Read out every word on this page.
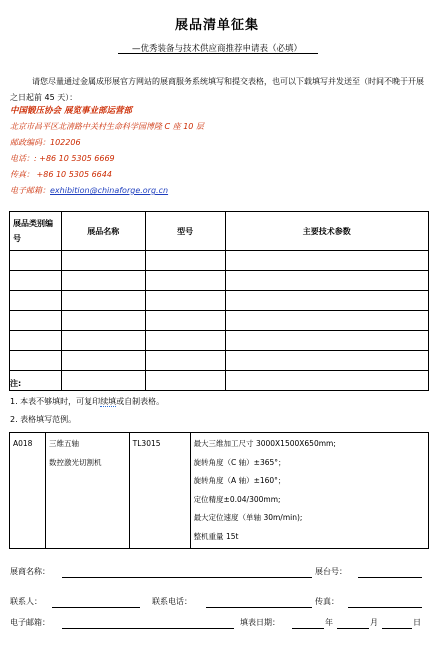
展品清单征集
—优秀装备与技术供应商推荐申请表（必填）
请您尽量通过金属成形展官方网站的展商服务系统填写和提交表格，也可以下载填写并发送至（时间不晚于开展之日起前 45 天）：
中国锻压协会 展览事业部运营部
北京市昌平区北清路中关村生命科学园博隆 C 座 10 层
邮政编码：102206
电话：: +86 10 5305 6669
传真： +86 10 5305 6644
电子邮箱：exhibition@chinaforge.org.cn
展品类别编号	展品名称	型号	主要技术参数

注:
1. 本表不够填时，可复印续填或自制表格。
2. 表格填写范例。
A018	三维五轴
数控激光切割机
	TL3015	最大三维加工尺寸 3000X1500X650mm;
旋转角度（C 轴）±365°；
旋转角度（A 轴）±160°；
定位精度±0.04/300mm;
最大定位速度（单轴 30m/min);
整机重量 15t
展商名称：	展台号：
联系人：	联系电话：	传真：
电子邮箱：	填表日期：	年	月	日
